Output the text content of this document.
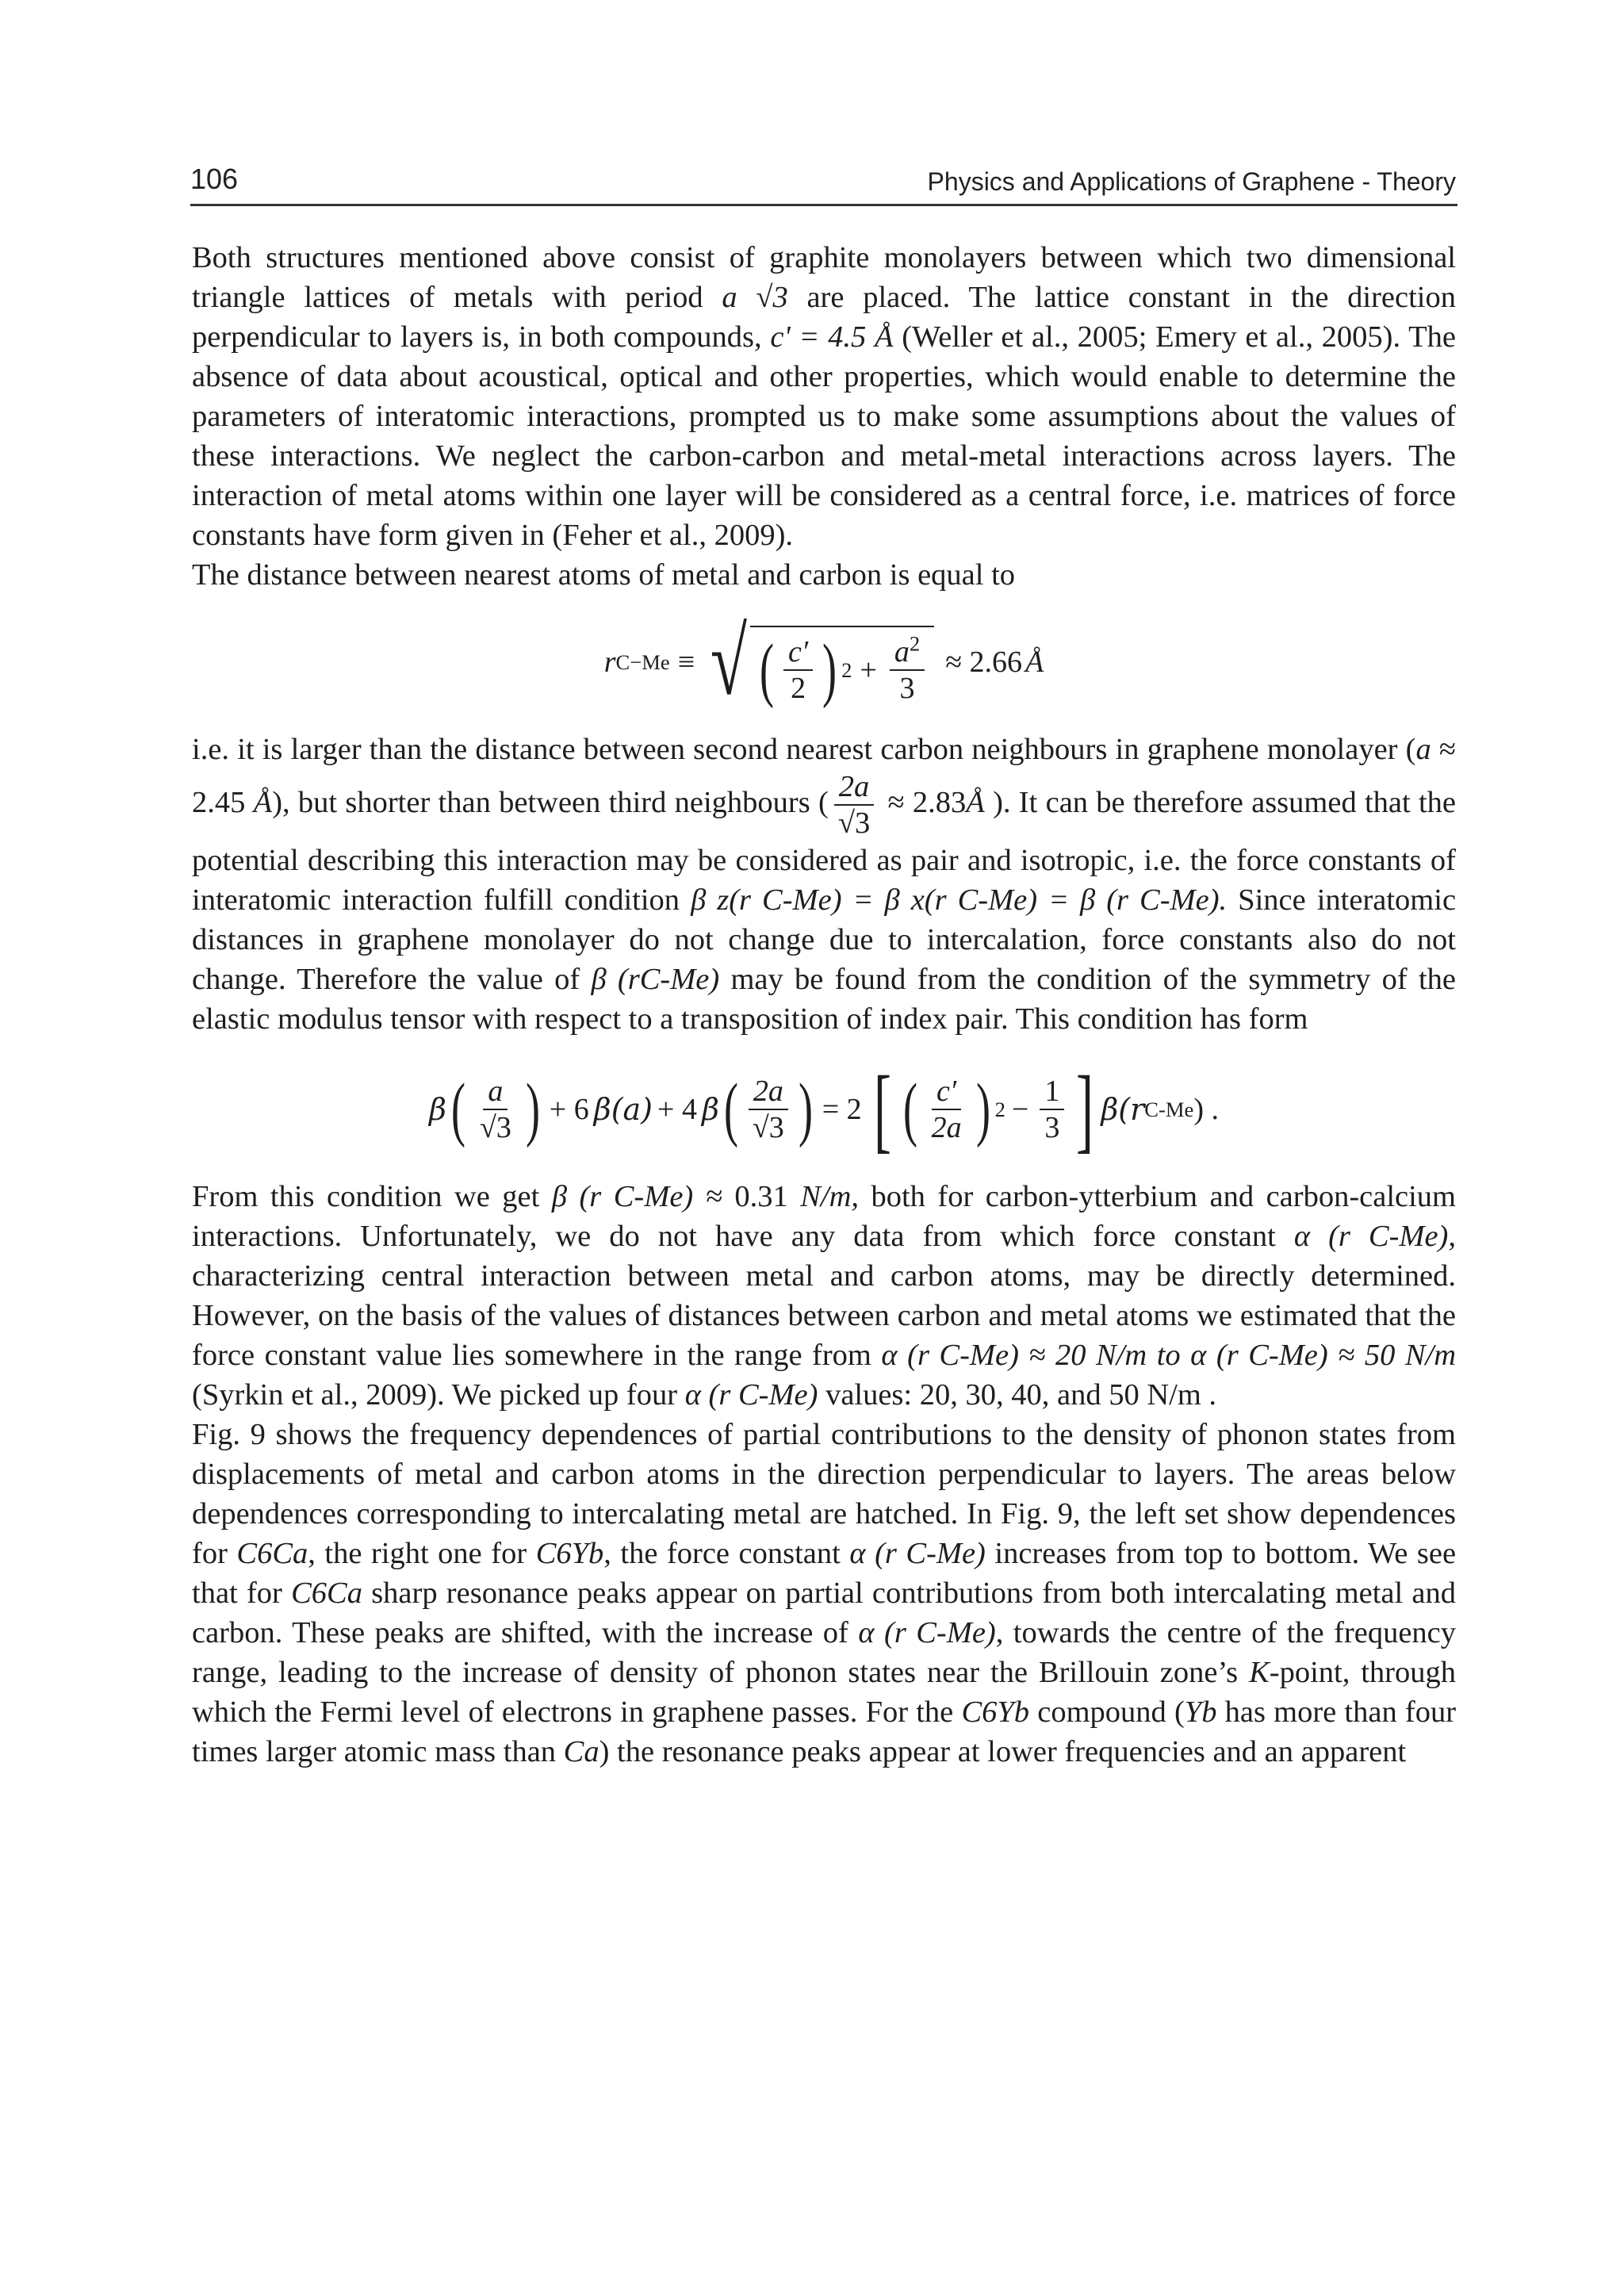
106	Physics and Applications of Graphene - Theory

Both structures mentioned above consist of graphite monolayers between which two dimensional triangle lattices of metals with period a √3 are placed. The lattice constant in the direction perpendicular to layers is, in both compounds, c' = 4.5 Å (Weller et al., 2005; Emery et al., 2005). The absence of data about acoustical, optical and other properties, which would enable to determine the parameters of interatomic interactions, prompted us to make some assumptions about the values of these interactions. We neglect the carbon-carbon and metal-metal interactions across layers. The interaction of metal atoms within one layer will be considered as a central force, i.e. matrices of force constants have form given in (Feher et al., 2009).

The distance between nearest atoms of metal and carbon is equal to

r C−Me ≡ √ ( $\frac{c'}{2}$ ) $2 + \frac{a^2}{3} \approx 2.66$ Å

i.e. it is larger than the distance between second nearest carbon neighbours in graphene monolayer (a ≈ 2.45 Å), but shorter than between third neighbours ( $\frac{2a}{√3}$ ≈ 2.83Å ). It can be therefore assumed that the potential describing this interaction may be considered as pair and isotropic, i.e. the force constants of interatomic interaction fulfill condition β z(r C-Me) = β x(r C-Me) = β (r C-Me). Since interatomic distances in graphene monolayer do not change due to intercalation, force constants also do not change. Therefore the value of β (rC-Me) may be found from the condition of the symmetry of the elastic modulus tensor with respect to a transposition of index pair. This condition has form

β ( $\frac{a}{√3}$ ) + 6 β(a) + 4 β ( $\frac{2a}{√3}$ ) = 2 [ ( $\frac{c'}{2a}$ ) $2 - \frac{1}{3}$ ] β(r C-Me ) .

From this condition we get β (r C-Me) ≈ 0.31 N/m, both for carbon-ytterbium and carbon-calcium interactions. Unfortunately, we do not have any data from which force constant α (r C-Me), characterizing central interaction between metal and carbon atoms, may be directly determined. However, on the basis of the values of distances between carbon and metal atoms we estimated that the force constant value lies somewhere in the range from α (r C-Me) ≈ 20 N/m to α (r C-Me) ≈ 50 N/m (Syrkin et al., 2009). We picked up four α (r C-Me) values: 20, 30, 40, and 50 N/m .

Fig. 9 shows the frequency dependences of partial contributions to the density of phonon states from displacements of metal and carbon atoms in the direction perpendicular to layers. The areas below dependences corresponding to intercalating metal are hatched. In Fig. 9, the left set show dependences for C6Ca, the right one for C6Yb, the force constant α (r C-Me) increases from top to bottom. We see that for C6Ca sharp resonance peaks appear on partial contributions from both intercalating metal and carbon. These peaks are shifted, with the increase of α (r C-Me), towards the centre of the frequency range, leading to the increase of density of phonon states near the Brillouin zone’s K-point, through which the Fermi level of electrons in graphene passes. For the C6Yb compound (Yb has more than four times larger atomic mass than Ca) the resonance peaks appear at lower frequencies and an apparent
